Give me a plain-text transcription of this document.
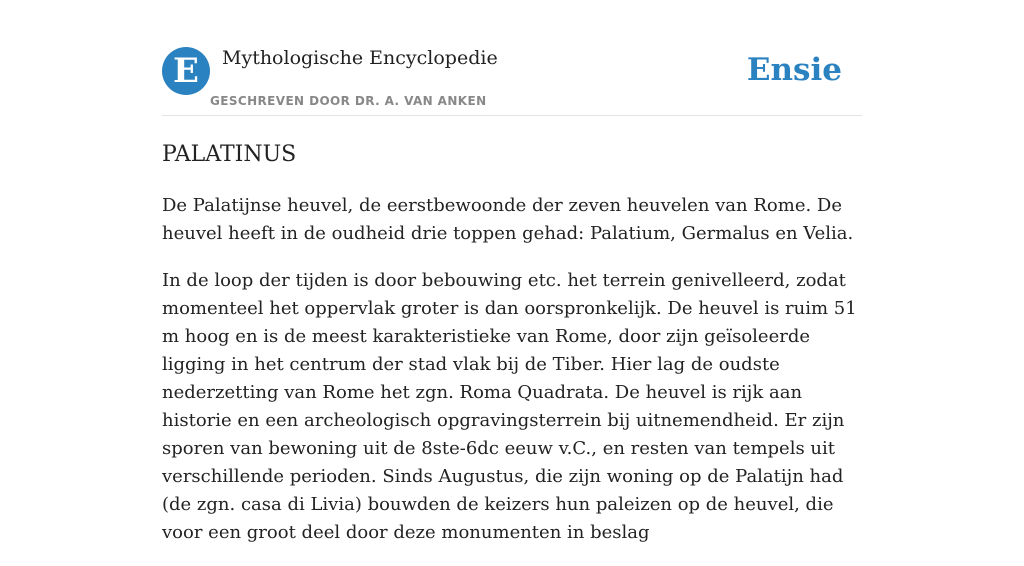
E	Mythologische Encyclopedie
GESCHREVEN DOOR DR. A. VAN ANKEN
Ensie
PALATINUS

De Palatijnse heuvel, de eerstbewoonde der zeven heuvelen van Rome. De heuvel heeft in de oudheid drie toppen gehad: Palatium, Germalus en Velia.

In de loop der tijden is door bebouwing etc. het terrein genivelleerd, zodat momenteel het oppervlak groter is dan oorspronkelijk. De heuvel is ruim 51 m hoog en is de meest karakteristieke van Rome, door zijn geïsoleerde ligging in het centrum der stad vlak bij de Tiber. Hier lag de oudste nederzetting van Rome het zgn. Roma Quadrata. De heuvel is rijk aan historie en een archeologisch opgravingsterrein bij uitnemendheid. Er zijn sporen van bewoning uit de 8ste-6dc eeuw v.C., en resten van tempels uit verschillende perioden. Sinds Augustus, die zijn woning op de Palatijn had (de zgn. casa di Livia) bouwden de keizers hun paleizen op de heuvel, die voor een groot deel door deze monumenten in beslag
